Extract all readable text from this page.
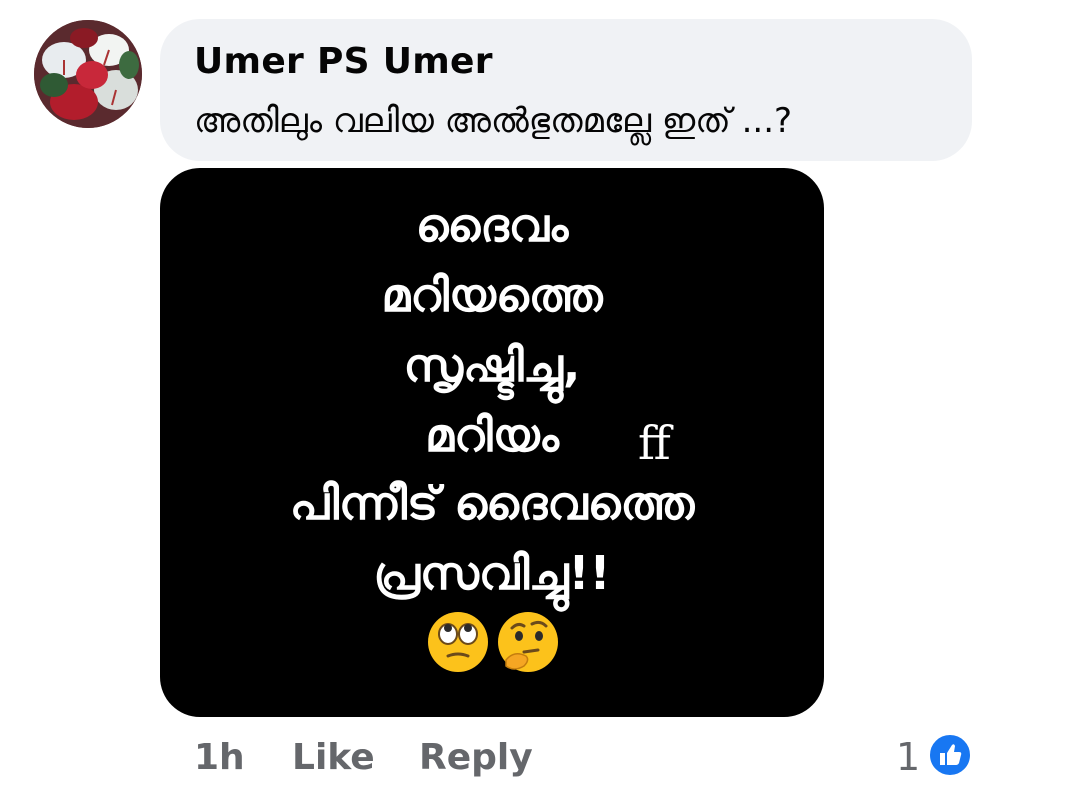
Umer PS Umer
അതിലും വലിയ അൽഭുതമല്ലേ ഇത് ...?
ദൈവം
മറിയത്തെ
സൃഷ്ടിച്ചു,
മറിയം	ff
പിന്നീട് ദൈവത്തെ
പ്രസവിച്ചു!!
1h Like Reply	1
